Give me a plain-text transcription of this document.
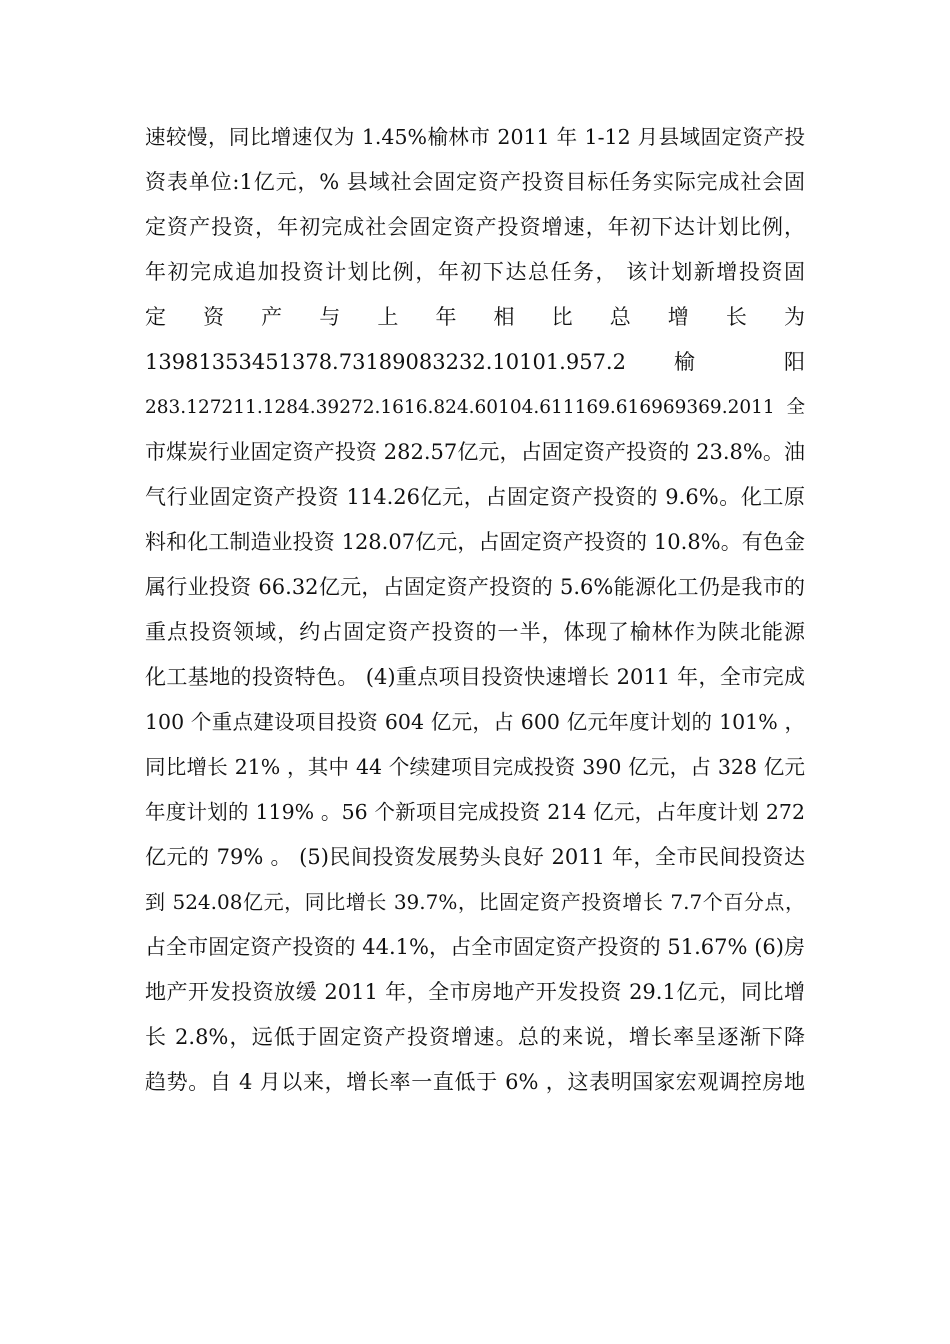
速较慢，同比增速仅为 1.45%榆林市 2011 年 1-12 月县域固定资产投
资表单位:1亿元，% 县域社会固定资产投资目标任务实际完成社会固
定资产投资，年初完成社会固定资产投资增速，年初下达计划比例，
年初完成追加投资计划比例，年初下达总任务， 该计划新增投资固
定 资 产 与 上 年 相 比 总 增 长 为
13981353451378.73189083232.10101.957.2 榆 阳
283.127211.1284.39272.1616.824.60104.611169.616969369.2011全
市煤炭行业固定资产投资 282.57亿元，占固定资产投资的 23.8%。油
气行业固定资产投资 114.26亿元，占固定资产投资的 9.6%。化工原
料和化工制造业投资 128.07亿元，占固定资产投资的 10.8%。有色金
属行业投资 66.32亿元，占固定资产投资的 5.6%能源化工仍是我市的
重点投资领域，约占固定资产投资的一半，体现了榆林作为陕北能源
化工基地的投资特色。 (4)重点项目投资快速增长 2011 年，全市完成
100 个重点建设项目投资 604 亿元，占 600 亿元年度计划的 101% ，
同比增长 21% ，其中 44 个续建项目完成投资 390 亿元，占 328 亿元
年度计划的 119% 。56 个新项目完成投资 214 亿元，占年度计划 272
亿元的 79% 。 (5)民间投资发展势头良好 2011 年，全市民间投资达
到 524.08亿元，同比增长 39.7%，比固定资产投资增长 7.7个百分点，
占全市固定资产投资的 44.1%，占全市固定资产投资的 51.67% (6)房
地产开发投资放缓 2011 年，全市房地产开发投资 29.1亿元，同比增
长 2.8%，远低于固定资产投资增速。总的来说，增长率呈逐渐下降
趋势。自 4 月以来，增长率一直低于 6% ，这表明国家宏观调控房地
